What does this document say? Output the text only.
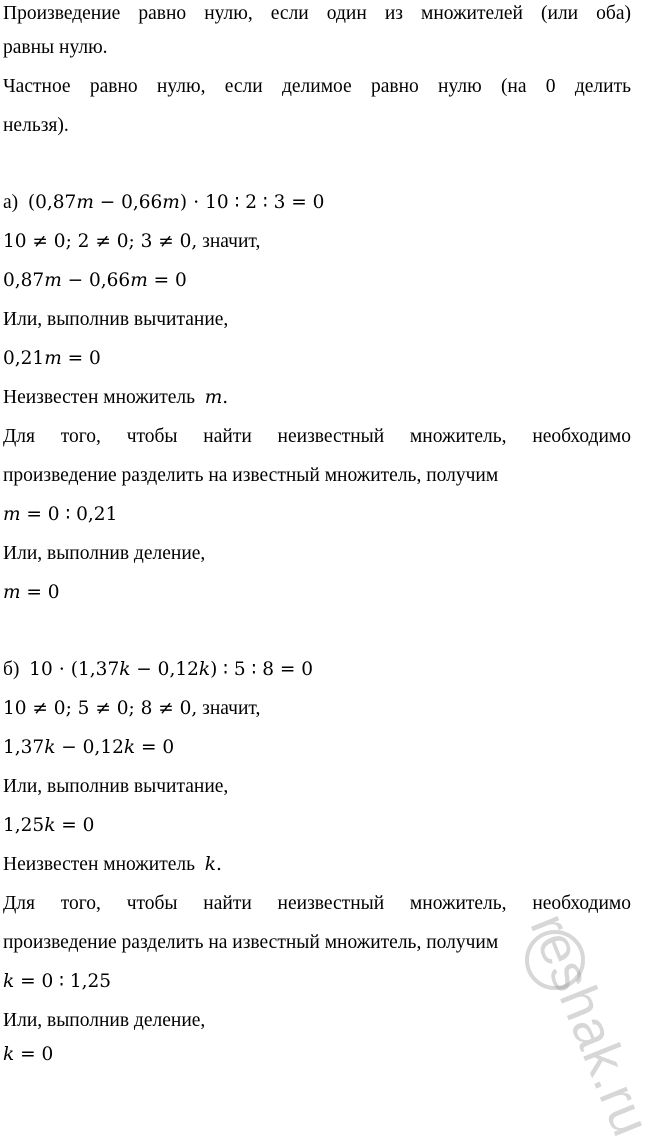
Произведение равно нулю, если один из множителей (или оба)
равны нулю.
Частное равно нулю, если делимое равно нулю (на 0 делить
нельзя).
а) (0,87𝑚 − 0,66𝑚) ⋅ 10 ∶ 2 ∶ 3 = 0
10 ≠ 0; 2 ≠ 0; 3 ≠ 0, значит,
0,87𝑚 − 0,66𝑚 = 0
Или, выполнив вычитание,
0,21𝑚 = 0
Неизвестен множитель 𝑚.
Для того, чтобы найти неизвестный множитель, необходимо
произведение разделить на известный множитель, получим
𝑚 = 0 ∶ 0,21
Или, выполнив деление,
𝑚 = 0
б) 10 ⋅ (1,37𝑘 − 0,12𝑘) ∶ 5 ∶ 8 = 0
10 ≠ 0; 5 ≠ 0; 8 ≠ 0, значит,
1,37𝑘 − 0,12𝑘 = 0
Или, выполнив вычитание,
1,25𝑘 = 0
Неизвестен множитель 𝑘.
Для того, чтобы найти неизвестный множитель, необходимо
произведение разделить на известный множитель, получим
𝑘 = 0 ∶ 1,25
Или, выполнив деление,
𝑘 = 0	reshak.ru
